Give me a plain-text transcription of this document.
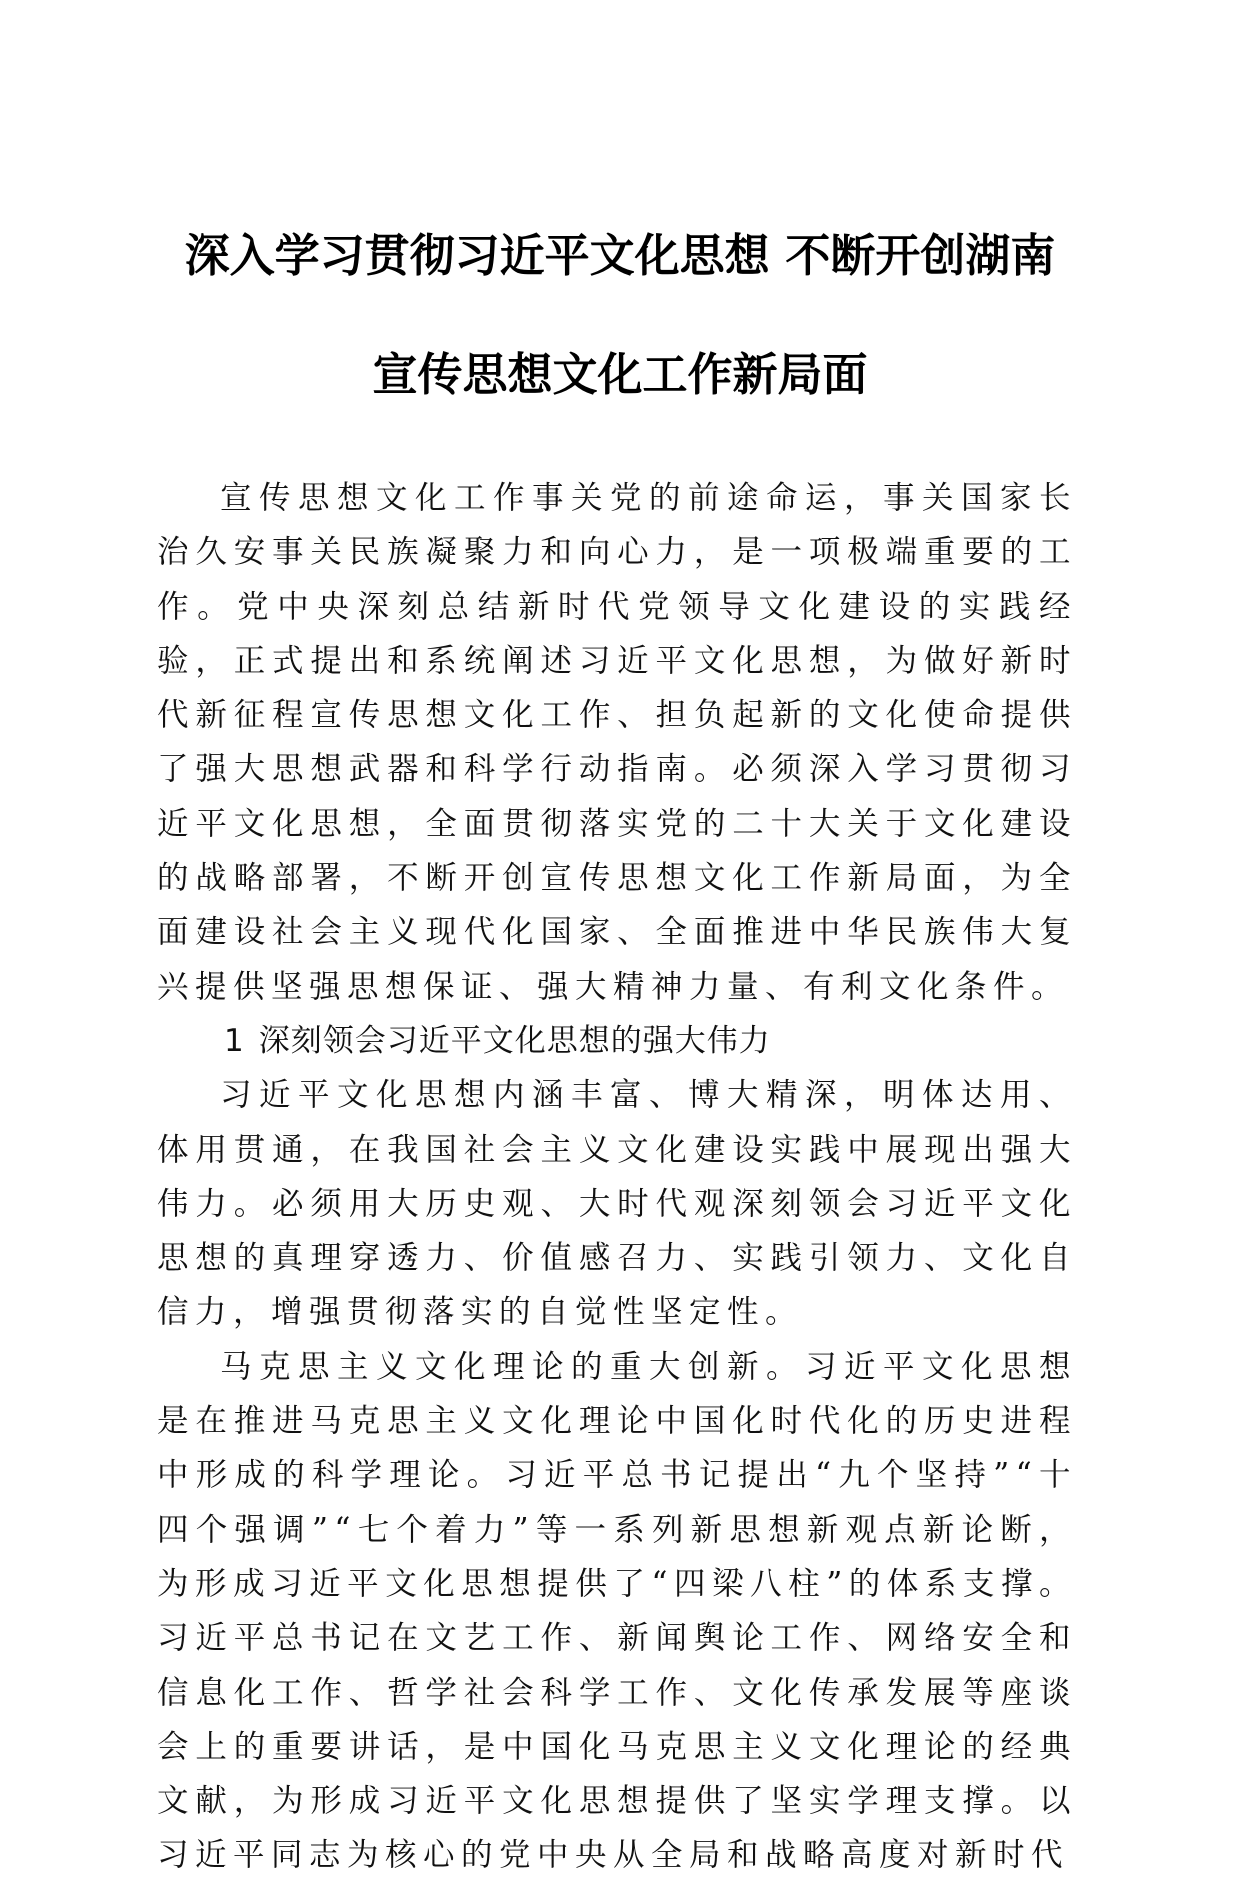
深入学习贯彻习近平文化思想 不断开创湖南
宣传思想文化工作新局面

宣传思想文化工作事关党的前途命运，事关国家长治久安事关民族凝聚力和向心力，是一项极端重要的工作。党中央深刻总结新时代党领导文化建设的实践经验，正式提出和系统阐述习近平文化思想，为做好新时代新征程宣传思想文化工作、担负起新的文化使命提供了强大思想武器和科学行动指南。必须深入学习贯彻习近平文化思想，全面贯彻落实党的二十大关于文化建设的战略部署，不断开创宣传思想文化工作新局面，为全面建设社会主义现代化国家、全面推进中华民族伟大复兴提供坚强思想保证、强大精神力量、有利文化条件。

1 深刻领会习近平文化思想的强大伟力

习近平文化思想内涵丰富、博大精深，明体达用、体用贯通，在我国社会主义文化建设实践中展现出强大伟力。必须用大历史观、大时代观深刻领会习近平文化思想的真理穿透力、价值感召力、实践引领力、文化自信力，增强贯彻落实的自觉性坚定性。

马克思主义文化理论的重大创新。习近平文化思想是在推进马克思主义文化理论中国化时代化的历史进程中形成的科学理论。习近平总书记提出“九个坚持”“十四个强调”“七个着力”等一系列新思想新观点新论断，为形成习近平文化思想提供了“四梁八柱”的体系支撑。习近平总书记在文艺工作、新闻舆论工作、网络安全和信息化工作、哲学社会科学工作、文化传承发展等座谈会上的重要讲话，是中国化马克思主义文化理论的经典文献，为形成习近平文化思想提供了坚实学理支撑。以习近平同志为核心的党中央从全局和战略高度对新时代
